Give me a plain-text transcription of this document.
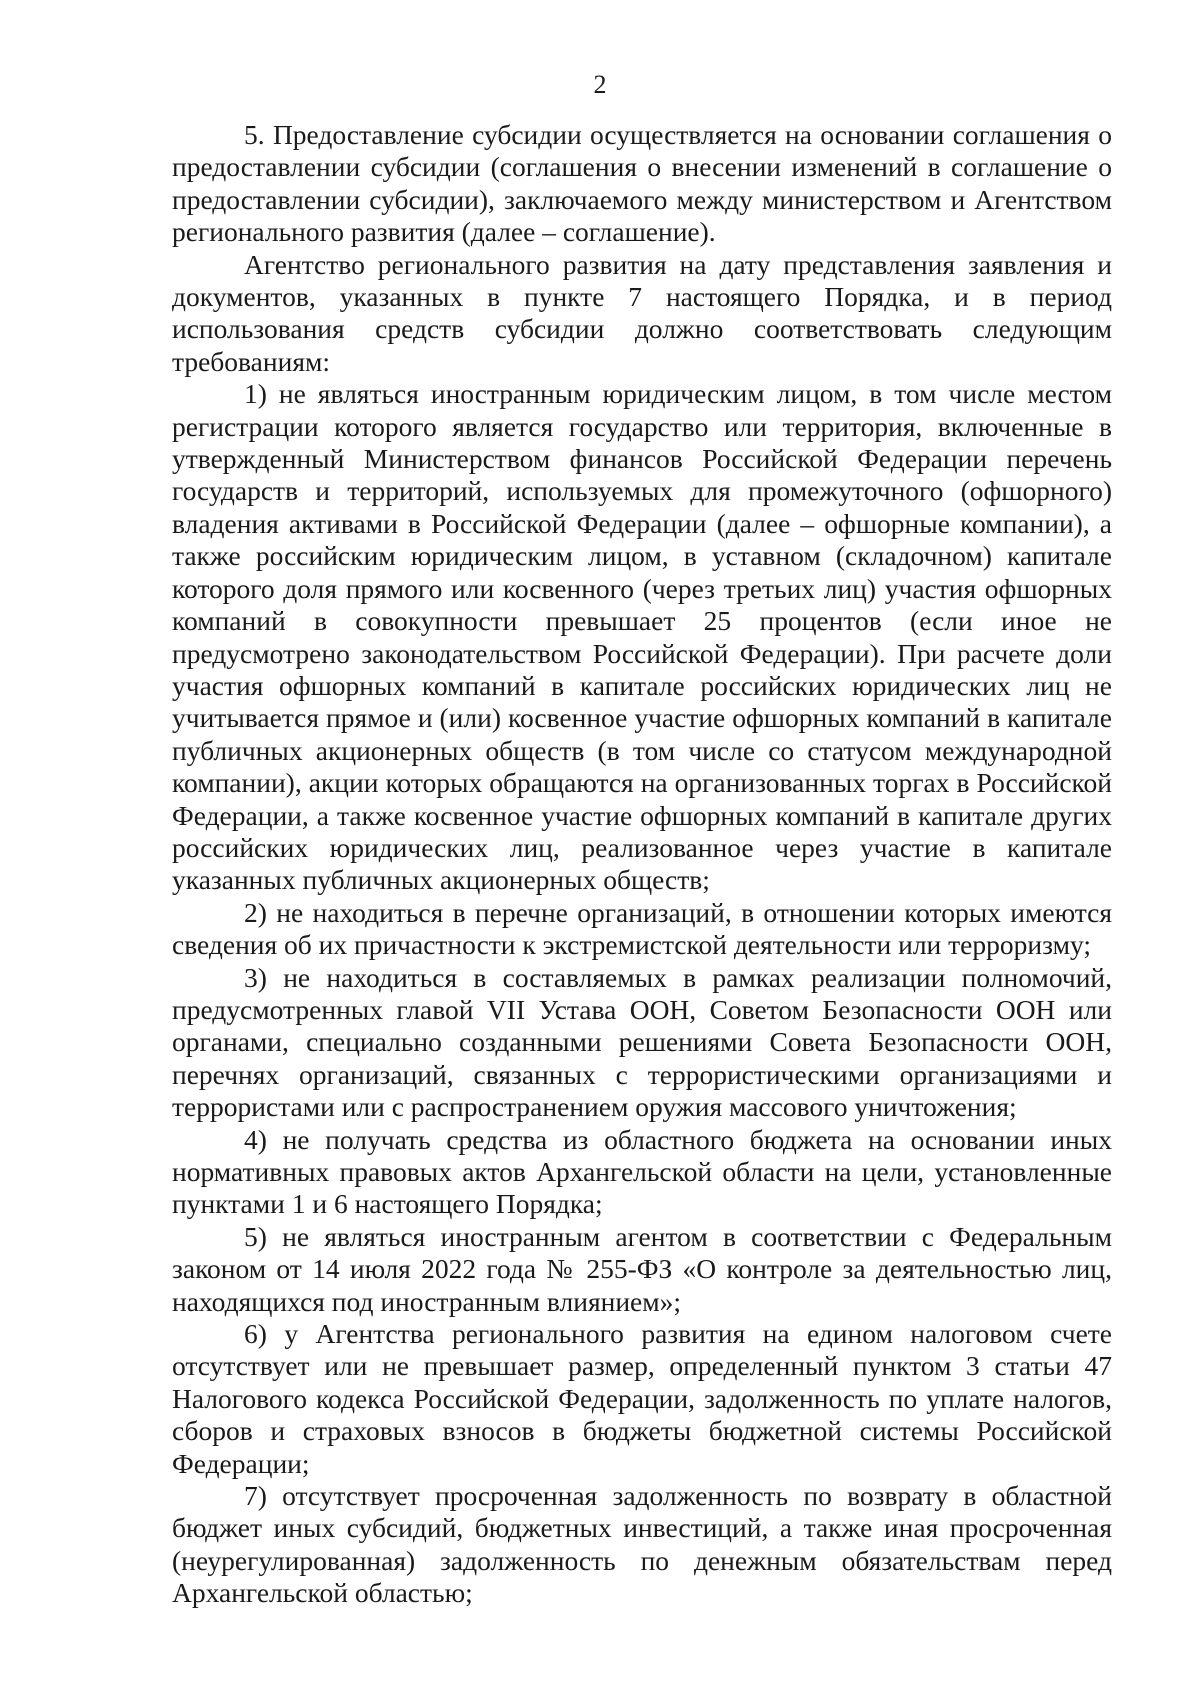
2

5. Предоставление субсидии осуществляется на основании соглашения о предоставлении субсидии (соглашения о внесении изменений в соглашение о предоставлении субсидии), заключаемого между министерством и Агентством регионального развития (далее – соглашение).

Агентство регионального развития на дату представления заявления и документов, указанных в пункте 7 настоящего Порядка, и в период использования средств субсидии должно соответствовать следующим требованиям:

1) не являться иностранным юридическим лицом, в том числе местом регистрации которого является государство или территория, включенные в утвержденный Министерством финансов Российской Федерации перечень государств и территорий, используемых для промежуточного (офшорного) владения активами в Российской Федерации (далее – офшорные компании), а также российским юридическим лицом, в уставном (складочном) капитале которого доля прямого или косвенного (через третьих лиц) участия офшорных компаний в совокупности превышает 25 процентов (если иное не предусмотрено законодательством Российской Федерации). При расчете доли участия офшорных компаний в капитале российских юридических лиц не учитывается прямое и (или) косвенное участие офшорных компаний в капитале публичных акционерных обществ (в том числе со статусом международной компании), акции которых обращаются на организованных торгах в Российской Федерации, а также косвенное участие офшорных компаний в капитале других российских юридических лиц, реализованное через участие в капитале указанных публичных акционерных обществ;

2) не находиться в перечне организаций, в отношении которых имеются сведения об их причастности к экстремистской деятельности или терроризму;

3) не находиться в составляемых в рамках реализации полномочий, предусмотренных главой VII Устава ООН, Советом Безопасности ООН или органами, специально созданными решениями Совета Безопасности ООН, перечнях организаций, связанных с террористическими организациями и террористами или с распространением оружия массового уничтожения;

4) не получать средства из областного бюджета на основании иных нормативных правовых актов Архангельской области на цели, установленные пунктами 1 и 6 настоящего Порядка;

5) не являться иностранным агентом в соответствии с Федеральным законом от 14 июля 2022 года № 255-ФЗ «О контроле за деятельностью лиц, находящихся под иностранным влиянием»;

6) у Агентства регионального развития на едином налоговом счете отсутствует или не превышает размер, определенный пунктом 3 статьи 47 Налогового кодекса Российской Федерации, задолженность по уплате налогов, сборов и страховых взносов в бюджеты бюджетной системы Российской Федерации;

7) отсутствует просроченная задолженность по возврату в областной бюджет иных субсидий, бюджетных инвестиций, а также иная просроченная (неурегулированная) задолженность по денежным обязательствам перед Архангельской областью;
